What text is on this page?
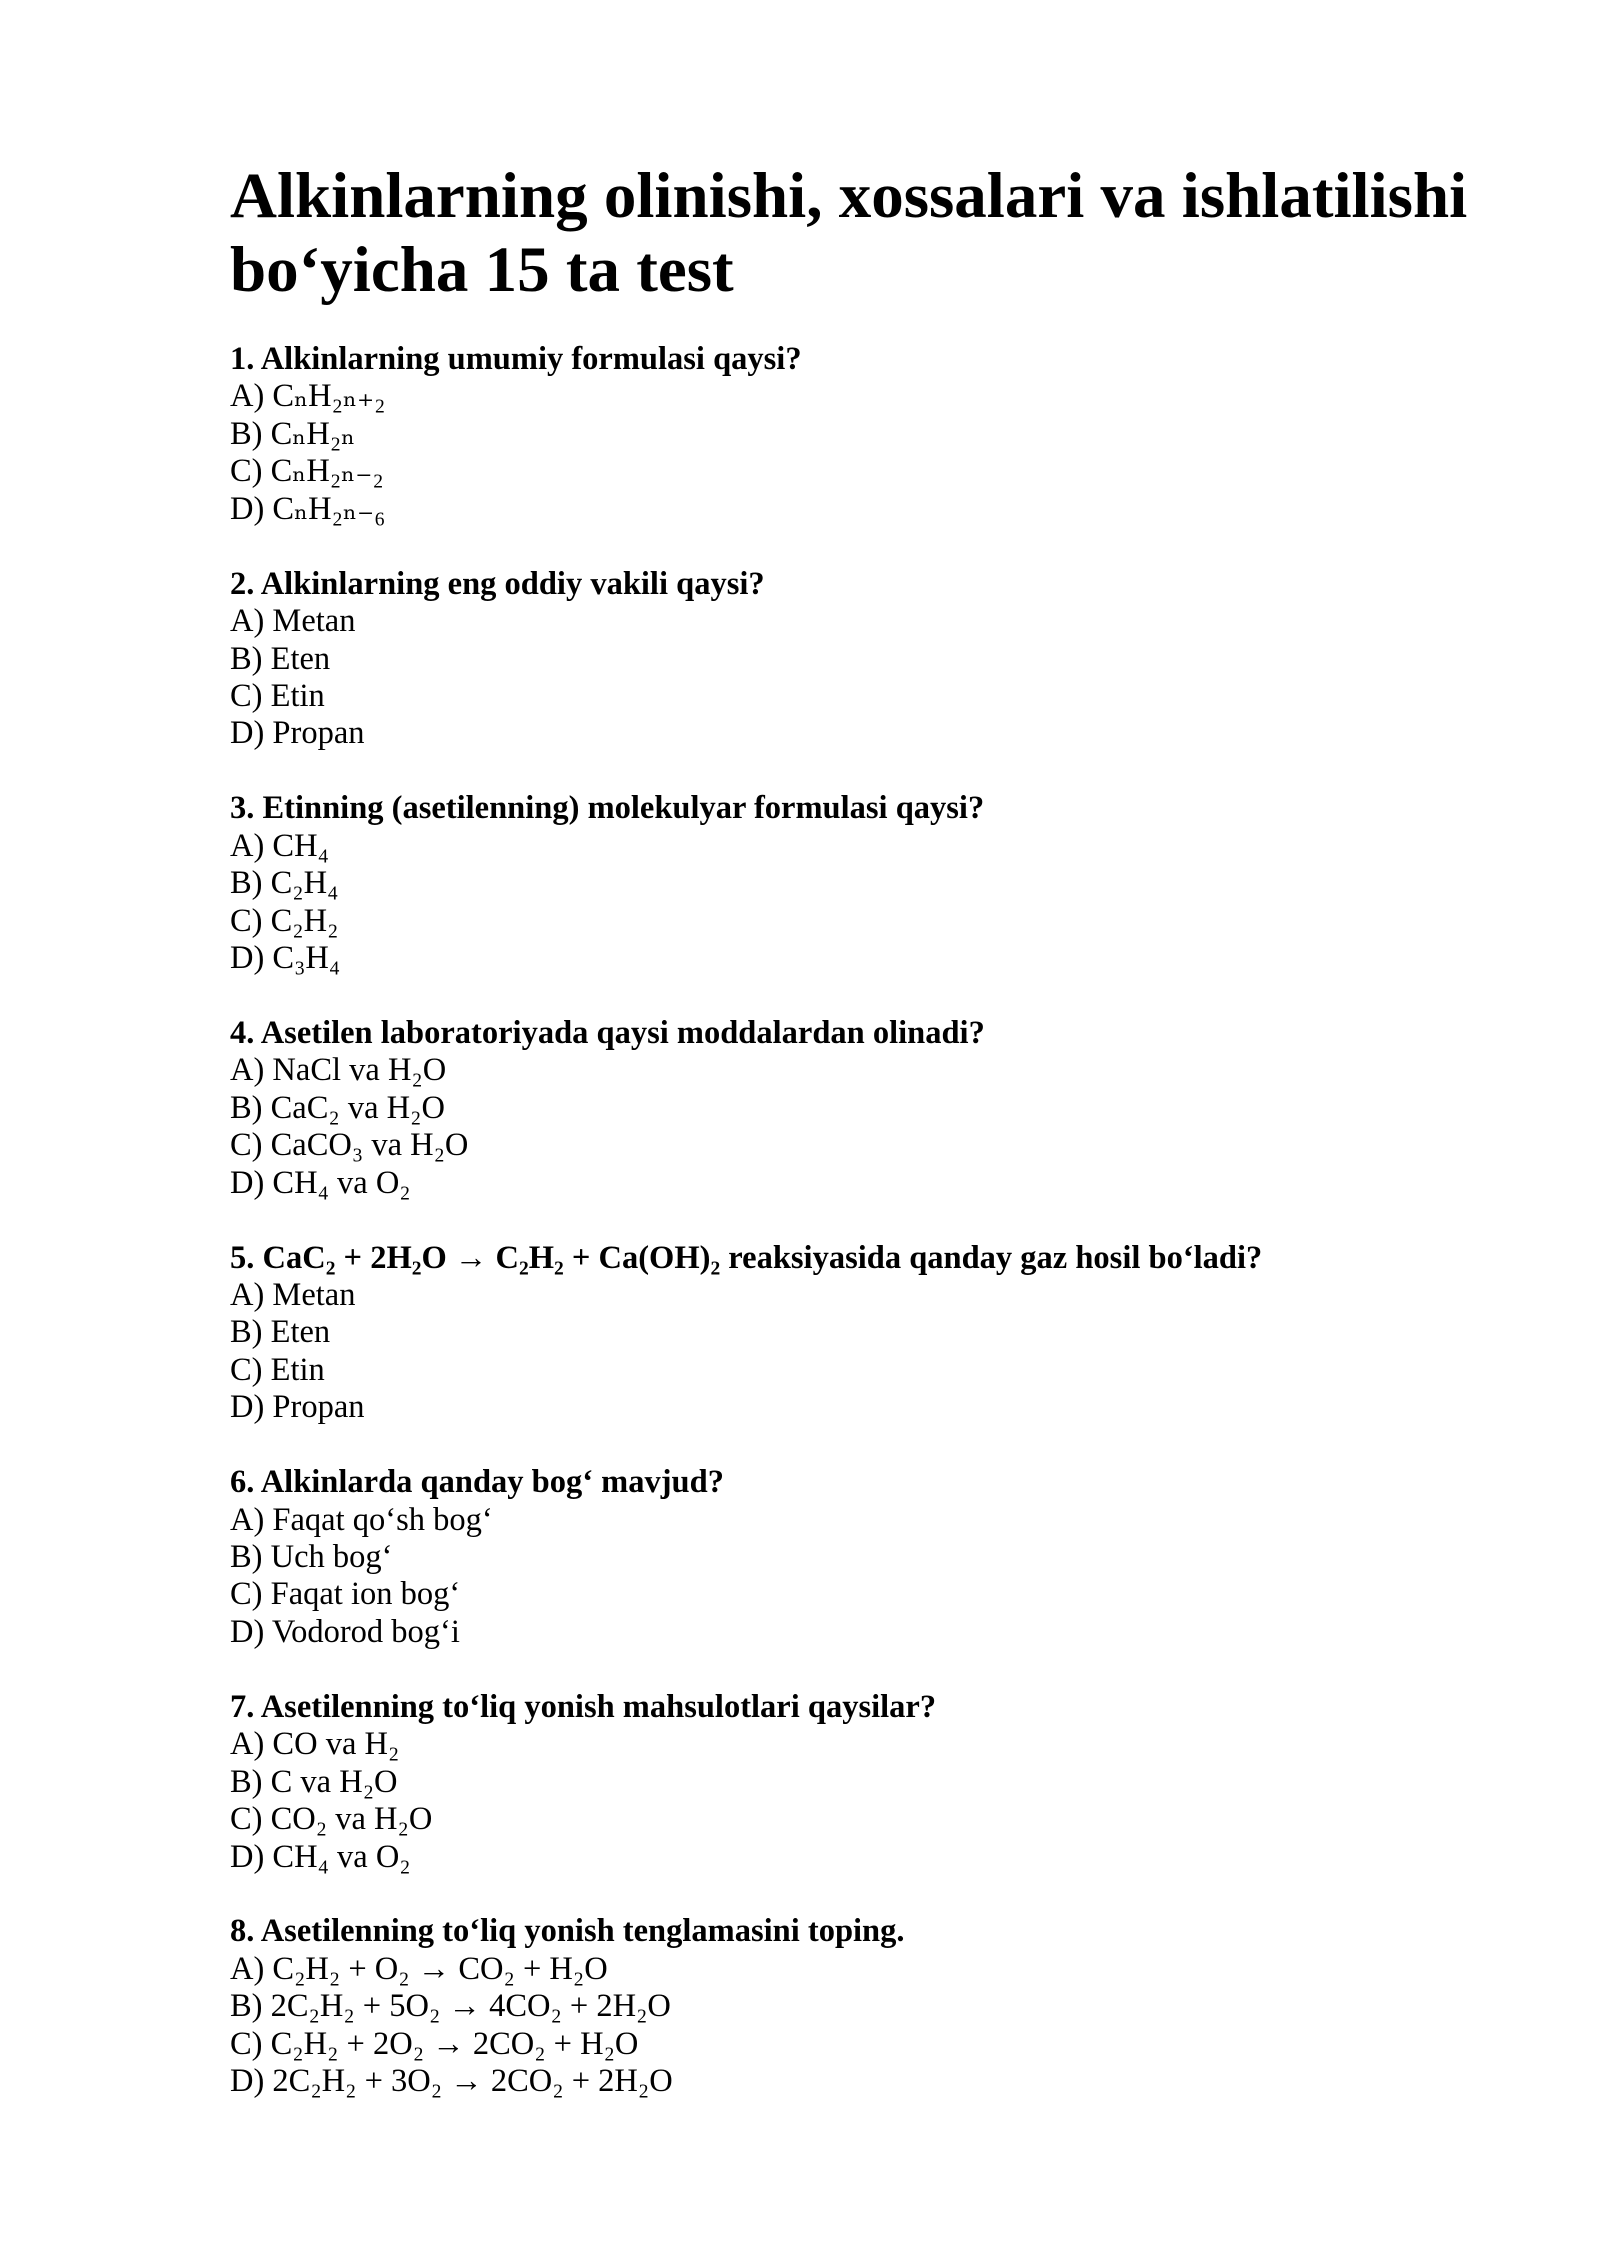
Alkinlarning olinishi, xossalari va ishlatilishi bo‘yicha 15 ta test
1. Alkinlarning umumiy formulasi qaysi?
A) CₙH₂ₙ₊₂
B) CₙH₂ₙ
C) CₙH₂ₙ₋₂
D) CₙH₂ₙ₋₆
2. Alkinlarning eng oddiy vakili qaysi?
A) Metan
B) Eten
C) Etin
D) Propan
3. Etinning (asetilenning) molekulyar formulasi qaysi?
A) CH₄
B) C₂H₄
C) C₂H₂
D) C₃H₄
4. Asetilen laboratoriyada qaysi moddalardan olinadi?
A) NaCl va H₂O
B) CaC₂ va H₂O
C) CaCO₃ va H₂O
D) CH₄ va O₂
5. CaC₂ + 2H₂O → C₂H₂ + Ca(OH)₂ reaksiyasida qanday gaz hosil bo‘ladi?
A) Metan
B) Eten
C) Etin
D) Propan
6. Alkinlarda qanday bog‘ mavjud?
A) Faqat qo‘sh bog‘
B) Uch bog‘
C) Faqat ion bog‘
D) Vodorod bog‘i
7. Asetilenning to‘liq yonish mahsulotlari qaysilar?
A) CO va H₂
B) C va H₂O
C) CO₂ va H₂O
D) CH₄ va O₂
8. Asetilenning to‘liq yonish tenglamasini toping.
A) C₂H₂ + O₂ → CO₂ + H₂O
B) 2C₂H₂ + 5O₂ → 4CO₂ + 2H₂O
C) C₂H₂ + 2O₂ → 2CO₂ + H₂O
D) 2C₂H₂ + 3O₂ → 2CO₂ + 2H₂O
